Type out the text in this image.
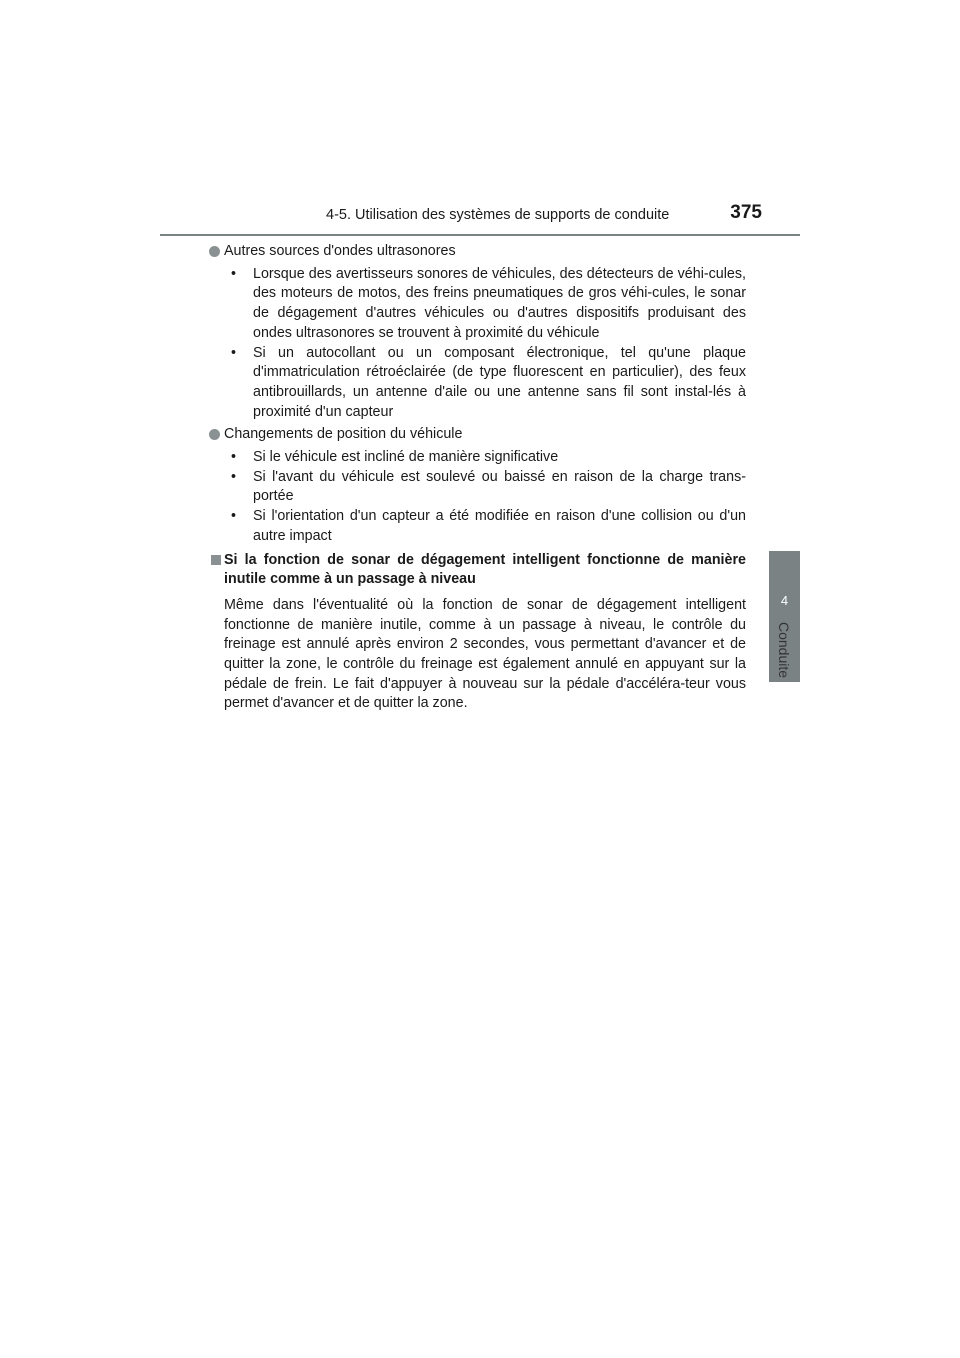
4-5. Utilisation des systèmes de supports de conduite	375
4
Conduite
Autres sources d'ondes ultrasonores
• Lorsque des avertisseurs sonores de véhicules, des détecteurs de véhi-cules, des moteurs de motos, des freins pneumatiques de gros véhi-cules, le sonar de dégagement d'autres véhicules ou d'autres dispositifs produisant des ondes ultrasonores se trouvent à proximité du véhicule
• Si un autocollant ou un composant électronique, tel qu'une plaque d'immatriculation rétroéclairée (de type fluorescent en particulier), des feux antibrouillards, un antenne d'aile ou une antenne sans fil sont instal-lés à proximité d'un capteur
Changements de position du véhicule
• Si le véhicule est incliné de manière significative
• Si l'avant du véhicule est soulevé ou baissé en raison de la charge trans-portée
• Si l'orientation d'un capteur a été modifiée en raison d'une collision ou d'un autre impact
Si la fonction de sonar de dégagement intelligent fonctionne de manière inutile comme à un passage à niveau
Même dans l'éventualité où la fonction de sonar de dégagement intelligent fonctionne de manière inutile, comme à un passage à niveau, le contrôle du freinage est annulé après environ 2 secondes, vous permettant d'avancer et de quitter la zone, le contrôle du freinage est également annulé en appuyant sur la pédale de frein. Le fait d'appuyer à nouveau sur la pédale d'accéléra-teur vous permet d'avancer et de quitter la zone.
